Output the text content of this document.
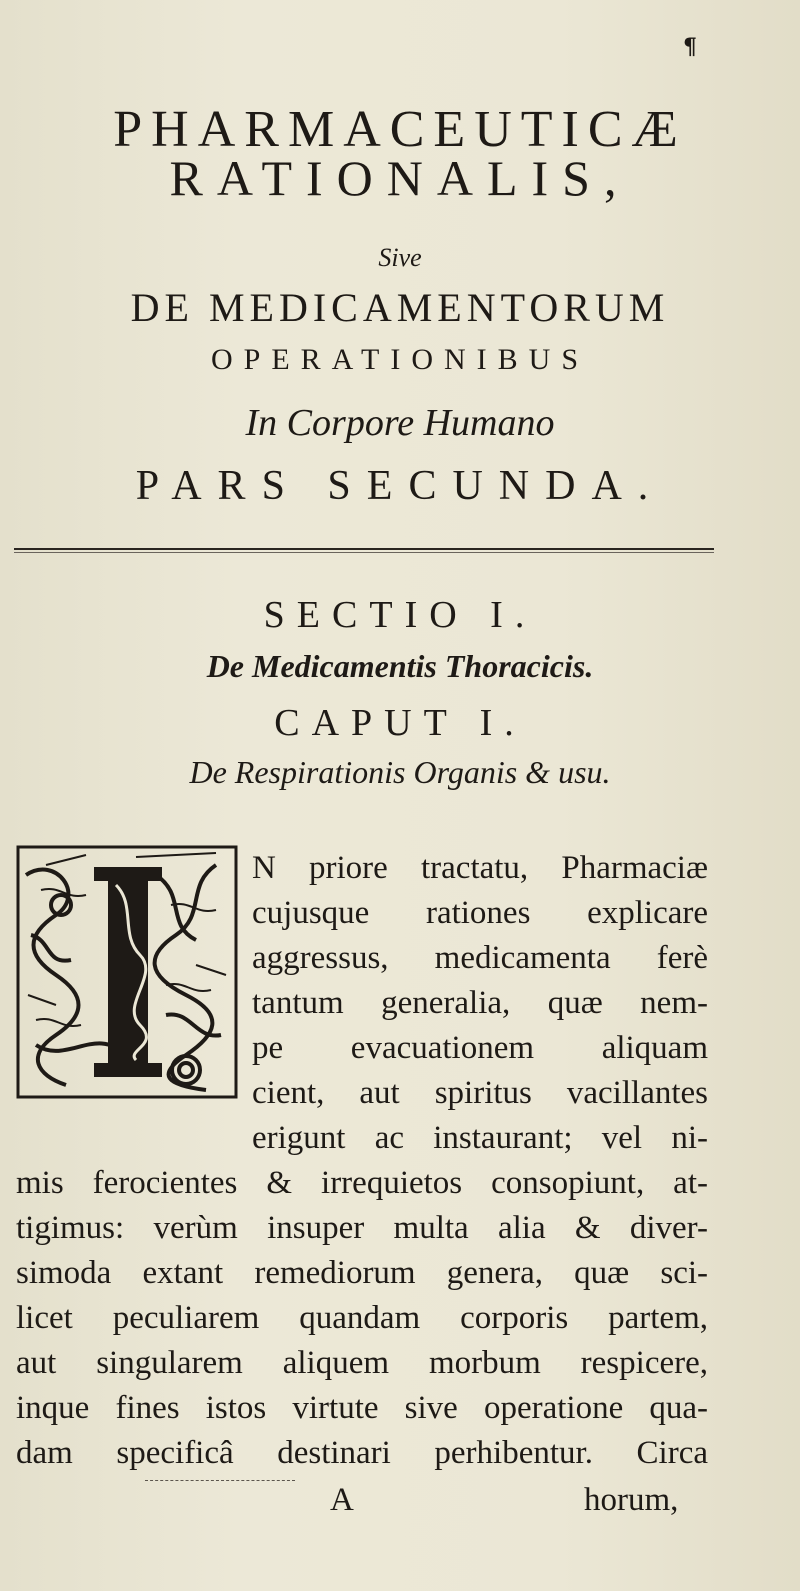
¶
PHARMACEUTICÆ
RATIONALIS,
Sive
DE MEDICAMENTORUM
OPERATIONIBUS
In Corpore Humano
PARS SECUNDA.
SECTIO I.
De Medicamentis Thoracicis.
CAPUT I.
De Respirationis Organis & usu.
N priore tractatu, Pharmaciæ
cujusque rationes explicare
aggressus, medicamenta ferè
tantum generalia, quæ nem-
pe evacuationem aliquam
cient, aut spiritus vacillantes
erigunt ac instaurant; vel ni-
mis ferocientes & irrequietos consopiunt, at-
tigimus: verùm insuper multa alia & diver-
simoda extant remediorum genera, quæ sci-
licet peculiarem quandam corporis partem,
aut singularem aliquem morbum respicere,
inque fines istos virtute sive operatione qua-
dam specificâ destinari perhibentur. Circa
A	horum,
